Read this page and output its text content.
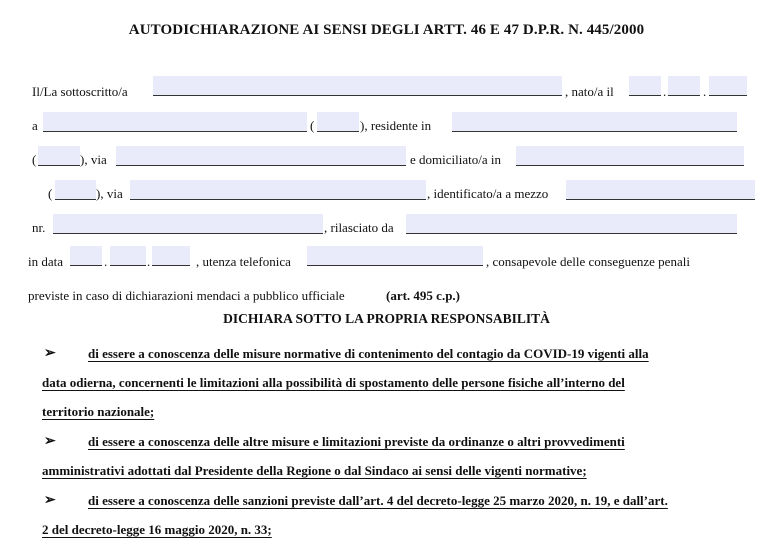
AUTODICHIARAZIONE AI SENSI DEGLI ARTT. 46 E 47 D.P.R. N. 445/2000
Il/La sottoscritto/a	, nato/a il	.	.
a	(	), residente in
(	), via	e domiciliato/a in
(	), via	, identificato/a a mezzo
nr.	, rilasciato da
in data	.	.	, utenza telefonica	, consapevole delle conseguenze penali
previste in caso di dichiarazioni mendaci a pubblico ufficiale	(art. 495 c.p.)
DICHIARA SOTTO LA PROPRIA RESPONSABILITÀ
➢ di essere a conoscenza delle misure normative di contenimento del contagio da COVID-19 vigenti alla
data odierna, concernenti le limitazioni alla possibilità di spostamento delle persone fisiche all’interno del
territorio nazionale;
➢ di essere a conoscenza delle altre misure e limitazioni previste da ordinanze o altri provvedimenti
amministrativi adottati dal Presidente della Regione o dal Sindaco ai sensi delle vigenti normative;
➢ di essere a conoscenza delle sanzioni previste dall’art. 4 del decreto-legge 25 marzo 2020, n. 19, e dall’art.
2 del decreto-legge 16 maggio 2020, n. 33;
